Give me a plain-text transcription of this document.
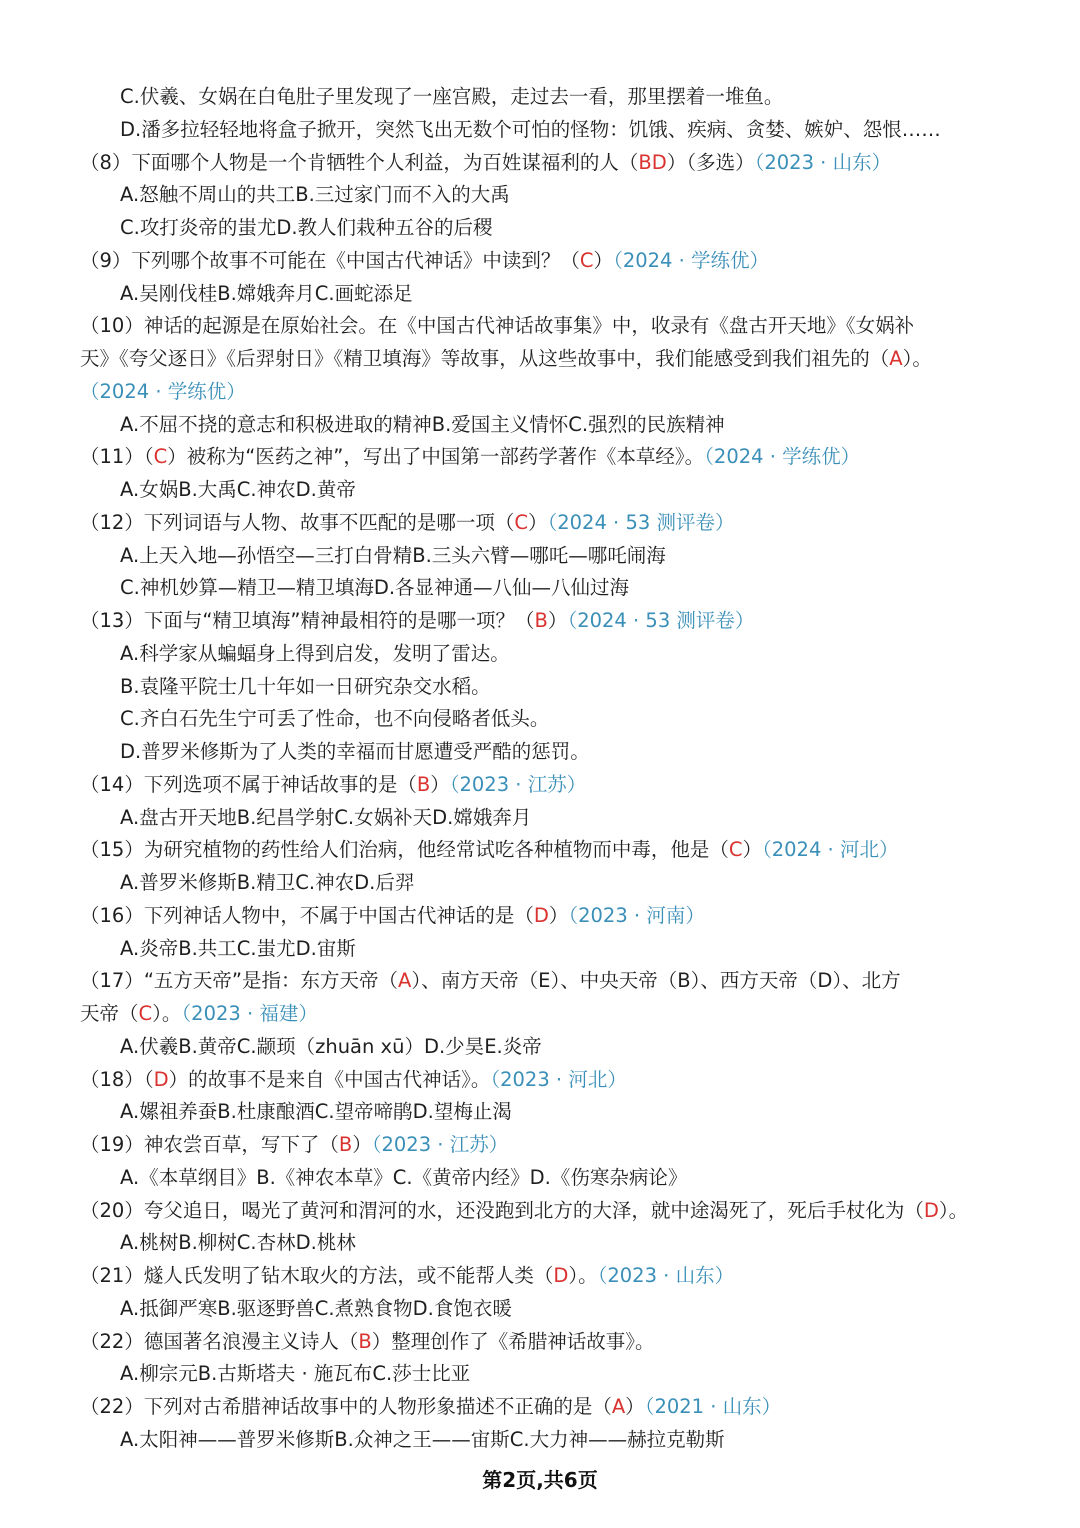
C.伏羲、女娲在白龟肚子里发现了一座宫殿，走过去一看，那里摆着一堆鱼。
D.潘多拉轻轻地将盒子掀开，突然飞出无数个可怕的怪物：饥饿、疾病、贪婪、嫉妒、怨恨……
（8）下面哪个人物是一个肯牺牲个人利益，为百姓谋福利的人（BD）（多选）（2023 · 山东）
A.怒触不周山的共工B.三过家门而不入的大禹
C.攻打炎帝的蚩尤D.教人们栽种五谷的后稷
（9）下列哪个故事不可能在《中国古代神话》中读到？（C）（2024 · 学练优）
A.吴刚伐桂B.嫦娥奔月C.画蛇添足
（10）神话的起源是在原始社会。在《中国古代神话故事集》中，收录有《盘古开天地》《女娲补
天》《夸父逐日》《后羿射日》《精卫填海》等故事，从这些故事中，我们能感受到我们祖先的（A）。
（2024 · 学练优）
A.不屈不挠的意志和积极进取的精神B.爱国主义情怀C.强烈的民族精神
（11）（C）被称为“医药之神”，写出了中国第一部药学著作《本草经》。（2024 · 学练优）
A.女娲B.大禹C.神农D.黄帝
（12）下列词语与人物、故事不匹配的是哪一项（C）（2024 · 53 测评卷）
A.上天入地—孙悟空—三打白骨精B.三头六臂—哪吒—哪吒闹海
C.神机妙算—精卫—精卫填海D.各显神通—八仙—八仙过海
（13）下面与“精卫填海”精神最相符的是哪一项？（B）（2024 · 53 测评卷）
A.科学家从蝙蝠身上得到启发，发明了雷达。
B.袁隆平院士几十年如一日研究杂交水稻。
C.齐白石先生宁可丢了性命，也不向侵略者低头。
D.普罗米修斯为了人类的幸福而甘愿遭受严酷的惩罚。
（14）下列选项不属于神话故事的是（B）（2023 · 江苏）
A.盘古开天地B.纪昌学射C.女娲补天D.嫦娥奔月
（15）为研究植物的药性给人们治病，他经常试吃各种植物而中毒，他是（C）（2024 · 河北）
A.普罗米修斯B.精卫C.神农D.后羿
（16）下列神话人物中，不属于中国古代神话的是（D）（2023 · 河南）
A.炎帝B.共工C.蚩尤D.宙斯
（17）“五方天帝”是指：东方天帝（A）、南方天帝（E）、中央天帝（B）、西方天帝（D）、北方
天帝（C）。（2023 · 福建）
A.伏羲B.黄帝C.颛顼（zhuān xū）D.少昊E.炎帝
（18）（D）的故事不是来自《中国古代神话》。（2023 · 河北）
A.嫘祖养蚕B.杜康酿酒C.望帝啼鹃D.望梅止渴
（19）神农尝百草，写下了（B）（2023 · 江苏）
A.《本草纲目》B.《神农本草》C.《黄帝内经》D.《伤寒杂病论》
（20）夸父追日，喝光了黄河和渭河的水，还没跑到北方的大泽，就中途渴死了，死后手杖化为（D）。
A.桃树B.柳树C.杏林D.桃林
（21）燧人氏发明了钻木取火的方法，或不能帮人类（D）。（2023 · 山东）
A.抵御严寒B.驱逐野兽C.煮熟食物D.食饱衣暖
（22）德国著名浪漫主义诗人（B）整理创作了《希腊神话故事》。
A.柳宗元B.古斯塔夫 · 施瓦布C.莎士比亚
（22）下列对古希腊神话故事中的人物形象描述不正确的是（A）（2021 · 山东）
A.太阳神——普罗米修斯B.众神之王——宙斯C.大力神——赫拉克勒斯
第2页,共6页
